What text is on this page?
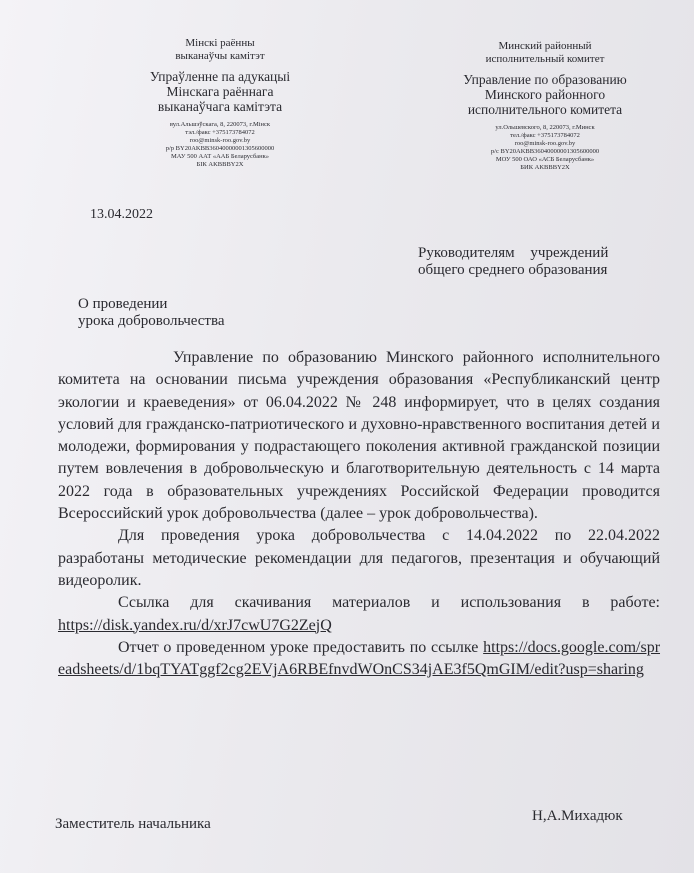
Мінскі раённы
выканаўчы камітэт
Упраўленне па адукацыі
Мінскага раённага
выканаўчага камітэта
вул.Альшэўскага, 8, 220073, г.Мінск
тэл./факс +375173784072
roo@minsk-roo.gov.by
р/р BY20AKBB36040000001305600000
МАУ 500 ААТ «ААБ Беларусбанк»
БІК AKBBBY2X
Минский районный
исполнительный комитет
Управление по образованию
Минского районного
исполнительного комитета
ул.Ольшевского, 8, 220073, г.Минск
тел./факс +375173784072
roo@minsk-roo.gov.by
р/с BY20AKBB36040000001305600000
МОУ 500 ОАО «АСБ Беларусбанк»
БИК AKBBBY2X
13.04.2022
Руководителям учреждений
общего среднего образования
О проведении
урока добровольчества

Управление по образованию Минского районного исполнительного комитета на основании письма учреждения образования «Республиканский центр экологии и краеведения» от 06.04.2022 № 248 информирует, что в целях создания условий для гражданско-патриотического и духовно-нравственного воспитания детей и молодежи, формирования у подрастающего поколения активной гражданской позиции путем вовлечения в добровольческую и благотворительную деятельность с 14 марта 2022 года в образовательных учреждениях Российской Федерации проводится Всероссийский урок добровольчества (далее – урок добровольчества).

Для проведения урока добровольчества с 14.04.2022 по 22.04.2022 разработаны методические рекомендации для педагогов, презентация и обучающий видеоролик.

Ссылка для скачивания материалов и использования в работе: https://disk.yandex.ru/d/xrJ7cwU7G2ZejQ

Отчет о проведенном уроке предоставить по ссылке https://docs.google.com/spreadsheets/d/1bqTYATggf2cg2EVjA6RBEfnvdWOnCS34jAE3f5QmGIM/edit?usp=sharing

Заместитель начальника	Н,А.Михадюк
